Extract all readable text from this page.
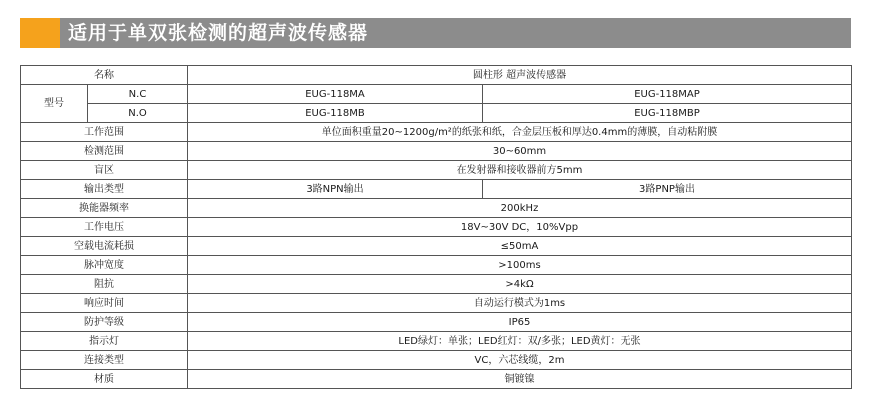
适用于单双张检测的超声波传感器
名称		圆柱形 超声波传感器	
型号	N.C	EUG-118MA	EUG-118MAP
	N.O	EUG-118MB	EUG-118MBP
工作范围		单位面积重量20~1200g/m²的纸张和纸，合金层压板和厚达0.4mm的薄膜，自动粘附膜	
检测范围		30~60mm	
盲区		在发射器和接收器前方5mm	
输出类型		3路NPN输出	3路PNP输出
换能器频率		200kHz	
工作电压		18V~30V DC，10%Vpp	
空载电流耗损		≤50mA	
脉冲宽度		>100ms	
阻抗		>4kΩ	
响应时间		自动运行模式为1ms	
防护等级		IP65	
指示灯		LED绿灯：单张；LED红灯：双/多张；LED黄灯：无张	
连接类型		VC，六芯线缆，2m	
材质		铜镀镍	
